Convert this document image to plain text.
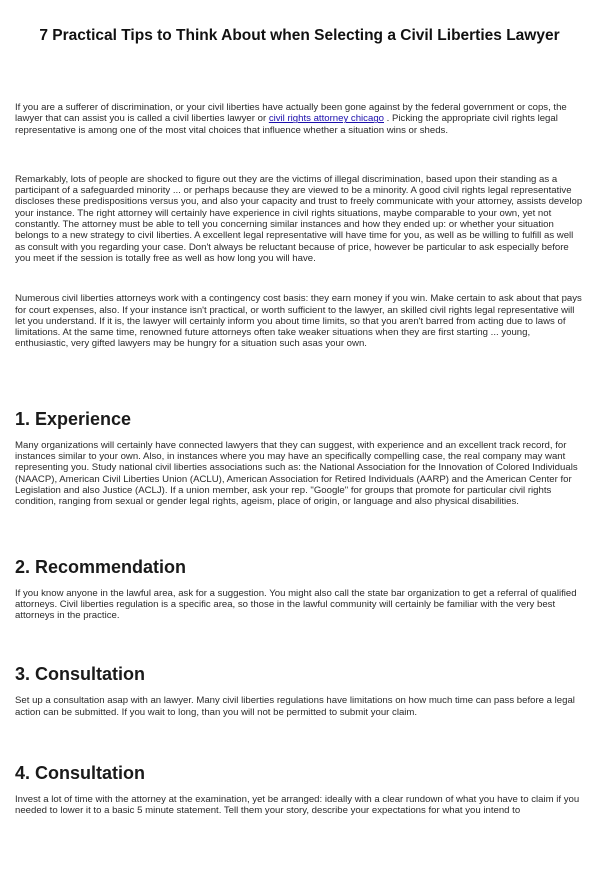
7 Practical Tips to Think About when Selecting a Civil Liberties Lawyer

If you are a sufferer of discrimination, or your civil liberties have actually been gone against by the federal government or cops, the lawyer that can assist you is called a civil liberties lawyer or civil rights attorney chicago . Picking the appropriate civil rights legal representative is among one of the most vital choices that influence whether a situation wins or sheds.

Remarkably, lots of people are shocked to figure out they are the victims of illegal discrimination, based upon their standing as a participant of a safeguarded minority ... or perhaps because they are viewed to be a minority. A good civil rights legal representative discloses these predispositions versus you, and also your capacity and trust to freely communicate with your attorney, assists develop your instance. The right attorney will certainly have experience in civil rights situations, maybe comparable to your own, yet not constantly. The attorney must be able to tell you concerning similar instances and how they ended up: or whether your situation belongs to a new strategy to civil liberties. A excellent legal representative will have time for you, as well as be willing to fulfill as well as consult with you regarding your case. Don't always be reluctant because of price, however be particular to ask especially before you meet if the session is totally free as well as how long you will have.

Numerous civil liberties attorneys work with a contingency cost basis: they earn money if you win. Make certain to ask about that pays for court expenses, also. If your instance isn't practical, or worth sufficient to the lawyer, an skilled civil rights legal representative will let you understand. If it is, the lawyer will certainly inform you about time limits, so that you aren't barred from acting due to laws of limitations. At the same time, renowned future attorneys often take weaker situations when they are first starting ... young, enthusiastic, very gifted lawyers may be hungry for a situation such asas your own.

1. Experience

Many organizations will certainly have connected lawyers that they can suggest, with experience and an excellent track record, for instances similar to your own. Also, in instances where you may have an specifically compelling case, the real company may want representing you. Study national civil liberties associations such as: the National Association for the Innovation of Colored Individuals (NAACP), American Civil Liberties Union (ACLU), American Association for Retired Individuals (AARP) and the American Center for Legislation and also Justice (ACLJ). If a union member, ask your rep. "Google" for groups that promote for particular civil rights condition, ranging from sexual or gender legal rights, ageism, place of origin, or language and also physical disabilities.

2. Recommendation

If you know anyone in the lawful area, ask for a suggestion. You might also call the state bar organization to get a referral of qualified attorneys. Civil liberties regulation is a specific area, so those in the lawful community will certainly be familiar with the very best attorneys in the practice.

3. Consultation

Set up a consultation asap with an lawyer. Many civil liberties regulations have limitations on how much time can pass before a legal action can be submitted. If you wait to long, than you will not be permitted to submit your claim.

4. Consultation

Invest a lot of time with the attorney at the examination, yet be arranged: ideally with a clear rundown of what you have to claim if you needed to lower it to a basic 5 minute statement. Tell them your story, describe your expectations for what you intend to
